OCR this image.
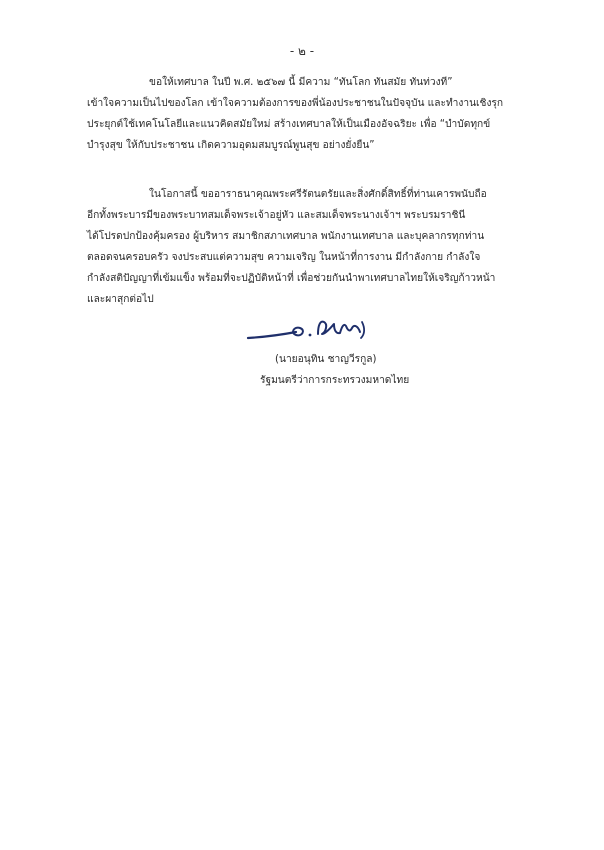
- ๒ -
ขอให้เทศบาล ในปี พ.ศ. ๒๕๖๗ นี้ มีความ “ทันโลก ทันสมัย ทันท่วงที”
เข้าใจความเป็นไปของโลก เข้าใจความต้องการของพี่น้องประชาชนในปัจจุบัน และทำงานเชิงรุก
ประยุกต์ใช้เทคโนโลยีและแนวคิดสมัยใหม่ สร้างเทศบาลให้เป็นเมืองอัจฉริยะ เพื่อ “บำบัดทุกข์
บำรุงสุข ให้กับประชาชน เกิดความอุดมสมบูรณ์พูนสุข อย่างยั่งยืน”
ในโอกาสนี้ ขออาราธนาคุณพระศรีรัตนตรัยและสิ่งศักดิ์สิทธิ์ที่ท่านเคารพนับถือ
อีกทั้งพระบารมีของพระบาทสมเด็จพระเจ้าอยู่หัว และสมเด็จพระนางเจ้าฯ พระบรมราชินี
ได้โปรดปกป้องคุ้มครอง ผู้บริหาร สมาชิกสภาเทศบาล พนักงานเทศบาล และบุคลากรทุกท่าน
ตลอดจนครอบครัว จงประสบแต่ความสุข ความเจริญ ในหน้าที่การงาน มีกำลังกาย กำลังใจ
กำลังสติปัญญาที่เข้มแข็ง พร้อมที่จะปฏิบัติหน้าที่ เพื่อช่วยกันนำพาเทศบาลไทยให้เจริญก้าวหน้า
และผาสุกต่อไป
(นายอนุทิน ชาญวีรกูล)
รัฐมนตรีว่าการกระทรวงมหาดไทย
